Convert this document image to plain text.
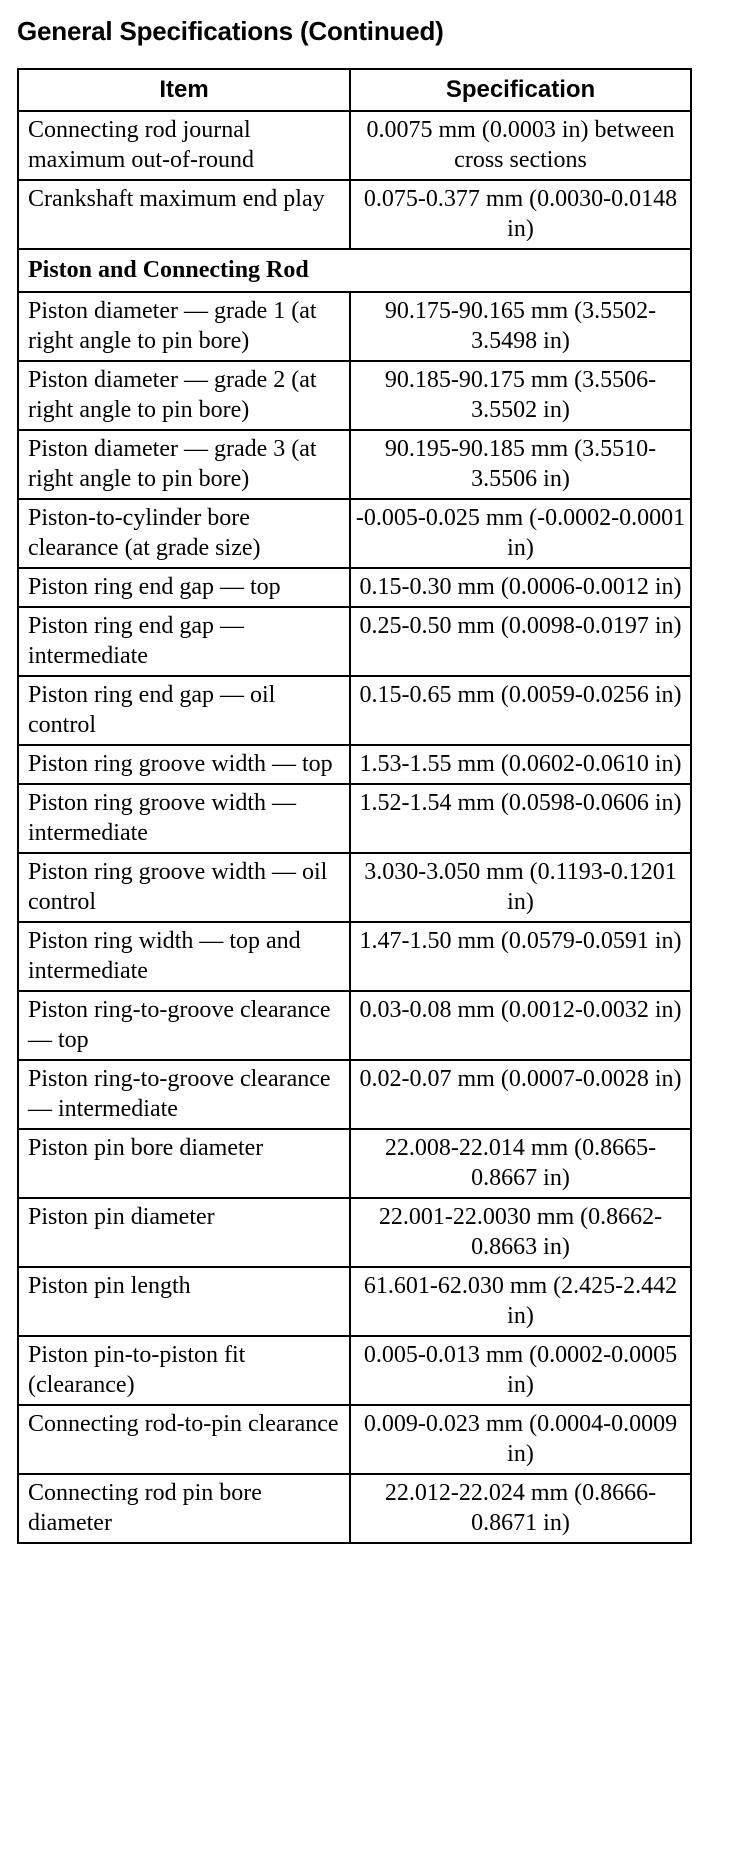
General Specifications (Continued)
Item	Specification
Connecting rod journal maximum out-of-round	0.0075 mm (0.0003 in) between cross sections
Crankshaft maximum end play	0.075-0.377 mm (0.0030-0.0148 in)
Piston and Connecting Rod	
Piston diameter — grade 1 (at right angle to pin bore)	90.175-90.165 mm (3.5502-3.5498 in)
Piston diameter — grade 2 (at right angle to pin bore)	90.185-90.175 mm (3.5506-3.5502 in)
Piston diameter — grade 3 (at right angle to pin bore)	90.195-90.185 mm (3.5510-3.5506 in)
Piston-to-cylinder bore clearance (at grade size)	-0.005-0.025 mm (-0.0002-0.0001 in)
Piston ring end gap — top	0.15-0.30 mm (0.0006-0.0012 in)
Piston ring end gap — intermediate	0.25-0.50 mm (0.0098-0.0197 in)
Piston ring end gap — oil control	0.15-0.65 mm (0.0059-0.0256 in)
Piston ring groove width — top	1.53-1.55 mm (0.0602-0.0610 in)
Piston ring groove width — intermediate	1.52-1.54 mm (0.0598-0.0606 in)
Piston ring groove width — oil control	3.030-3.050 mm (0.1193-0.1201 in)
Piston ring width — top and intermediate	1.47-1.50 mm (0.0579-0.0591 in)
Piston ring-to-groove clearance — top	0.03-0.08 mm (0.0012-0.0032 in)
Piston ring-to-groove clearance — intermediate	0.02-0.07 mm (0.0007-0.0028 in)
Piston pin bore diameter	22.008-22.014 mm (0.8665-0.8667 in)
Piston pin diameter	22.001-22.0030 mm (0.8662-0.8663 in)
Piston pin length	61.601-62.030 mm (2.425-2.442 in)
Piston pin-to-piston fit (clearance)	0.005-0.013 mm (0.0002-0.0005 in)
Connecting rod-to-pin clearance	0.009-0.023 mm (0.0004-0.0009 in)
Connecting rod pin bore diameter	22.012-22.024 mm (0.8666-0.8671 in)
